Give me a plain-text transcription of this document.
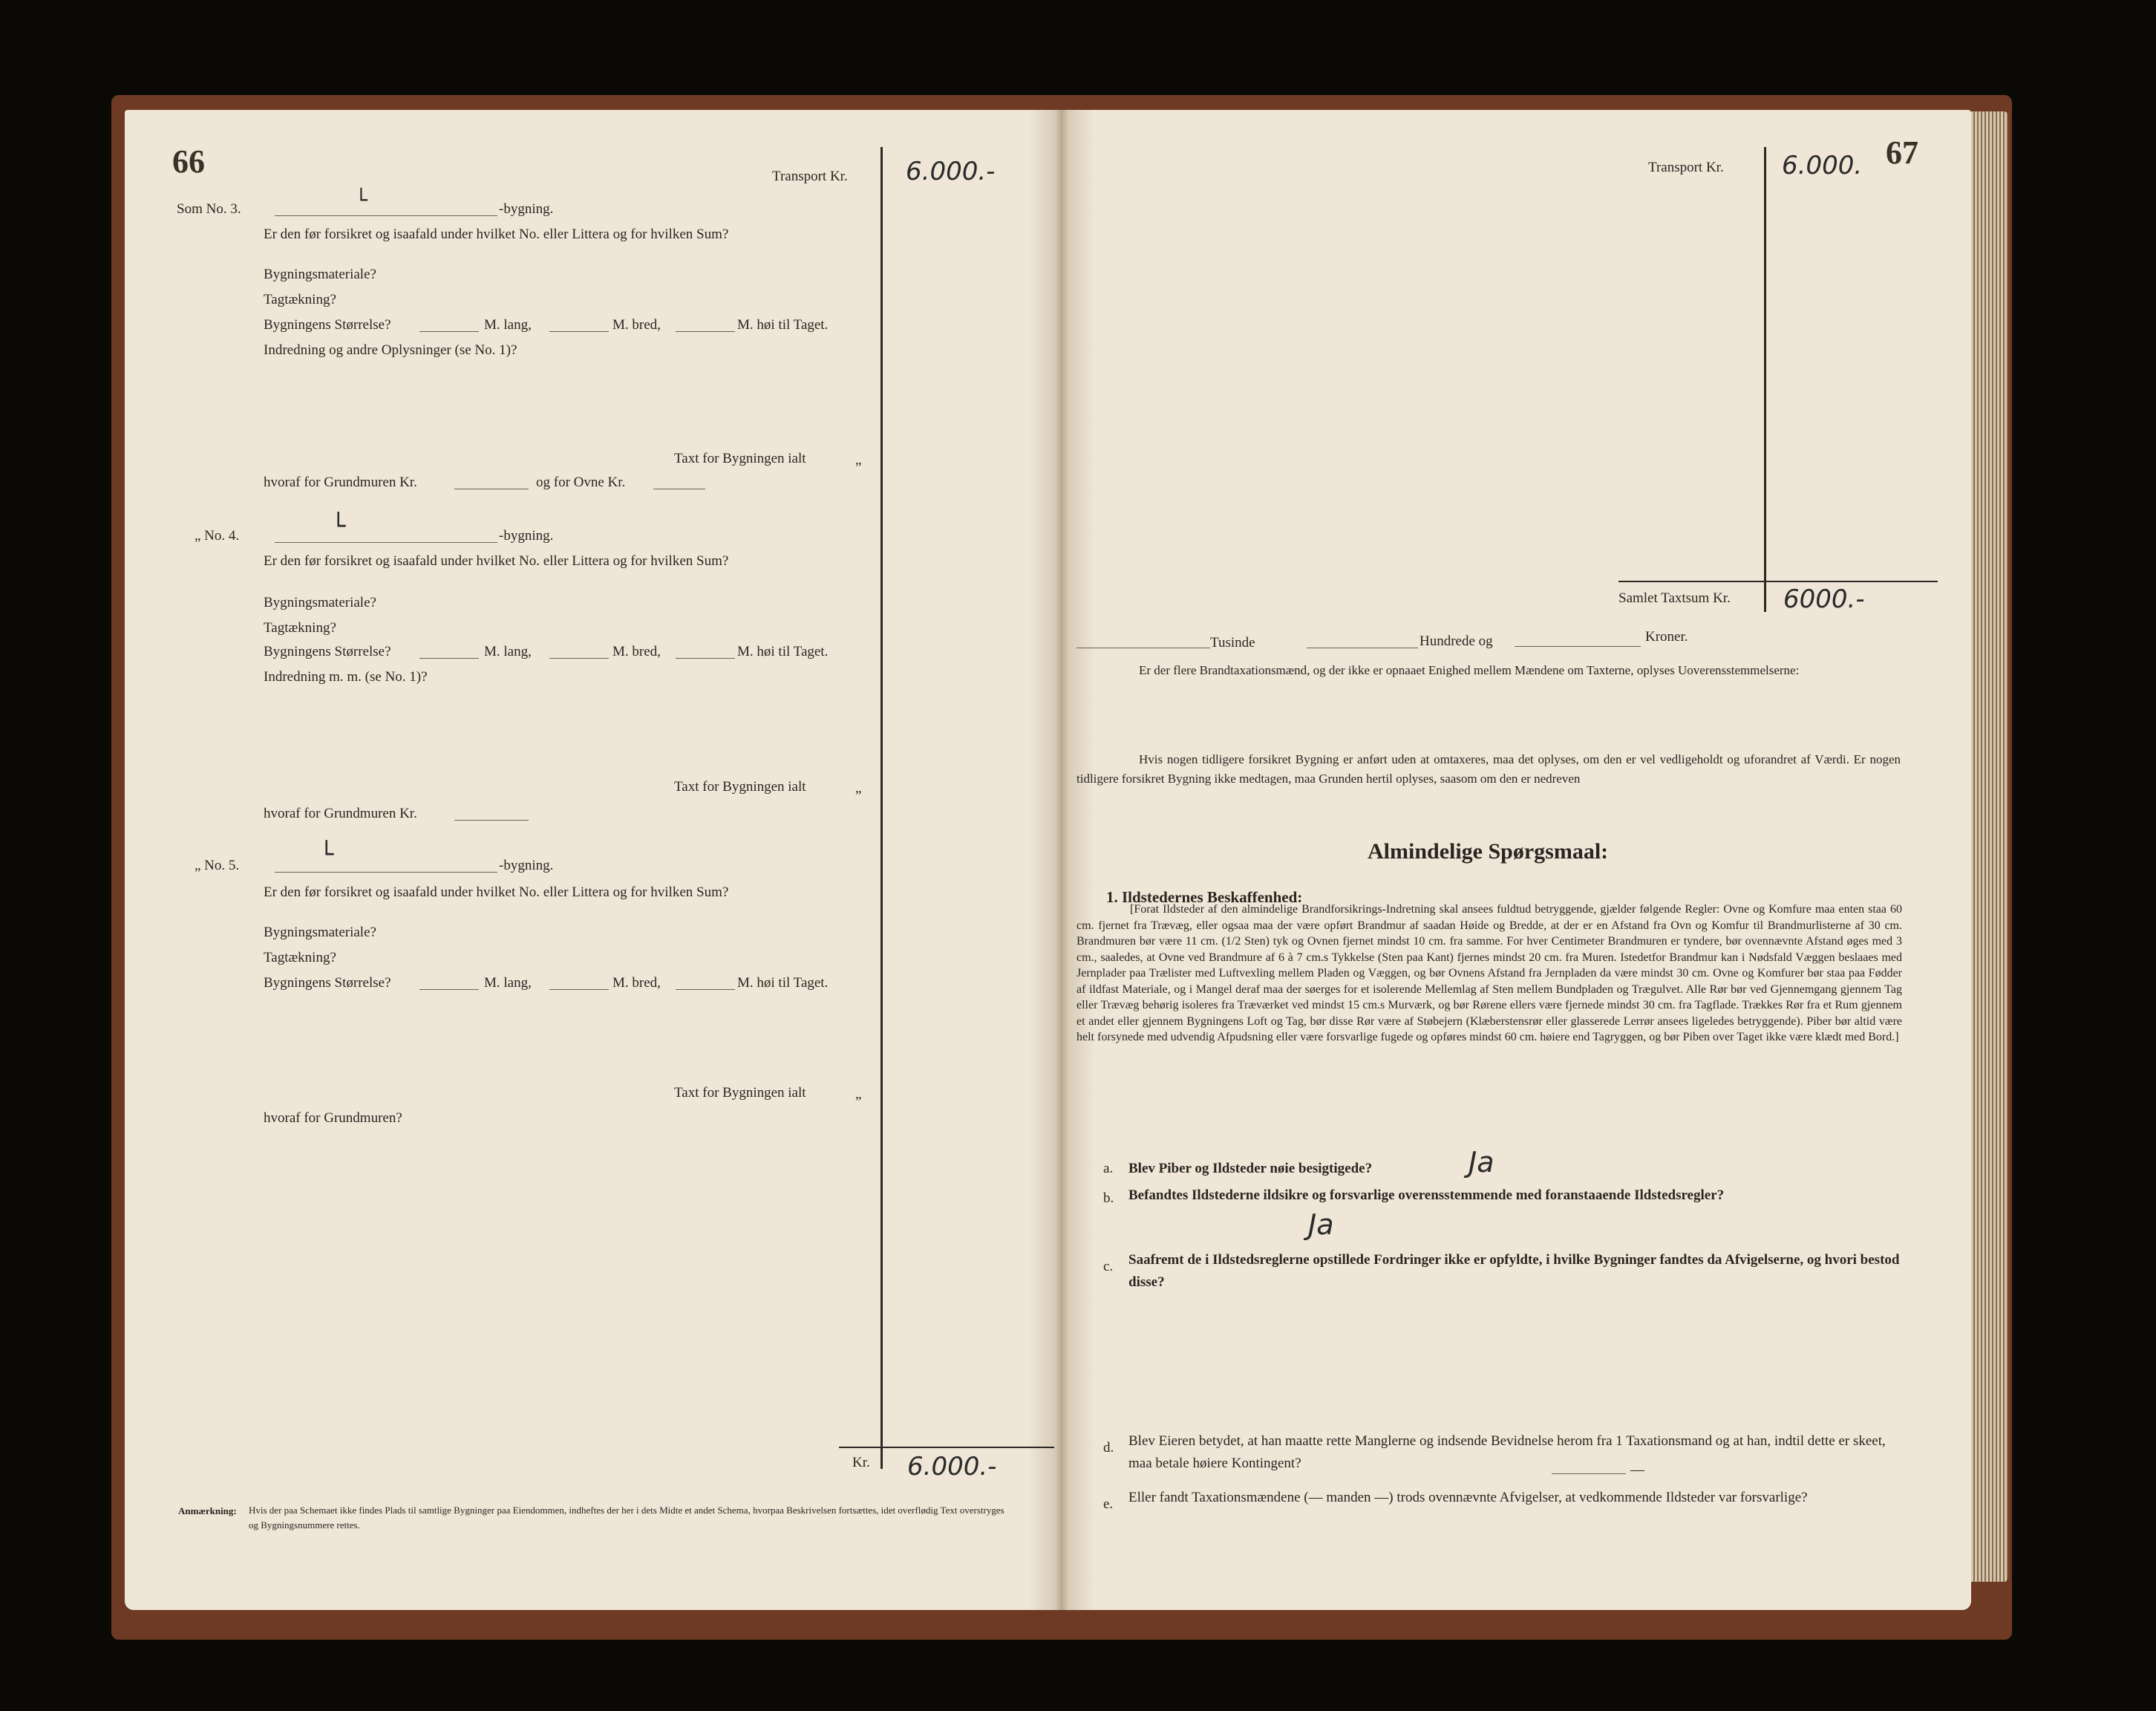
66	Transport Kr. 6.000.-
Som No. 3.	└	-bygning.
Er den før forsikret og isaafald under hvilket No. eller Littera og for hvilken Sum?
Bygningsmateriale?
Tagtækning?
Bygningens Størrelse?	M. lang,	M. bred,	M. høi til Taget.
Indredning og andre Oplysninger (se No. 1)?
Taxt for Bygningen ialt	„
hvoraf for Grundmuren Kr.	og for Ovne Kr.
„ No. 4.	└	-bygning.
Er den før forsikret og isaafald under hvilket No. eller Littera og for hvilken Sum?
Bygningsmateriale?
Tagtækning?
Bygningens Størrelse?	M. lang,	M. bred,	M. høi til Taget.
Indredning m. m. (se No. 1)?
Taxt for Bygningen ialt	„
hvoraf for Grundmuren Kr.
„ No. 5.	└	-bygning.
Er den før forsikret og isaafald under hvilket No. eller Littera og for hvilken Sum?
Bygningsmateriale?
Tagtækning?
Bygningens Størrelse?	M. lang,	M. bred,	M. høi til Taget.
Taxt for Bygningen ialt	„
hvoraf for Grundmuren?
Kr. 6.000.-
Anmærkning: Hvis der paa Schemaet ikke findes Plads til samtlige Bygninger paa Eiendommen, indheftes der her i dets Midte et andet Schema, hvorpaa Beskrivelsen fortsættes, idet overflødig Text overstryges og Bygningsnummere rettes.
67
Transport Kr. 6.000.
Samlet Taxtsum Kr. 6000.-
Tusinde	Hundrede og	Kroner.
Er der flere Brandtaxationsmænd, og der ikke er opnaaet Enighed mellem Mændene om Taxterne, oplyses Uoverensstemmelserne:
Hvis nogen tidligere forsikret Bygning er anført uden at omtaxeres, maa det oplyses, om den er vel vedligeholdt og uforandret af Værdi. Er nogen tidligere forsikret Bygning ikke medtagen, maa Grunden hertil oplyses, saasom om den er nedreven
Almindelige Spørgsmaal:
1. Ildstedernes Beskaffenhed:
[Forat Ildsteder af den almindelige Brandforsikrings-Indretning skal ansees fuldtud betryggende, gjælder følgende Regler: Ovne og Komfure maa enten staa 60 cm. fjernet fra Trævæg, eller ogsaa maa der være opført Brandmur af saadan Høide og Bredde, at der er en Afstand fra Ovn og Komfur til Brandmurlisterne af 30 cm. Brandmuren bør være 11 cm. (1/2 Sten) tyk og Ovnen fjernet mindst 10 cm. fra samme. For hver Centimeter Brandmuren er tyndere, bør ovennævnte Afstand øges med 3 cm., saaledes, at Ovne ved Brandmure af 6 à 7 cm.s Tykkelse (Sten paa Kant) fjernes mindst 20 cm. fra Muren. Istedetfor Brandmur kan i Nødsfald Væggen beslaaes med Jernplader paa Trælister med Luftvexling mellem Pladen og Væggen, og bør Ovnens Afstand fra Jernpladen da være mindst 30 cm. Ovne og Komfurer bør staa paa Fødder af ildfast Materiale, og i Mangel deraf maa der søerges for et isolerende Mellemlag af Sten mellem Bundpladen og Trægulvet. Alle Rør bør ved Gjennemgang gjennem Tag eller Trævæg behørig isoleres fra Træværket ved mindst 15 cm.s Murværk, og bør Rørene ellers være fjernede mindst 30 cm. fra Tagflade. Trækkes Rør fra et Rum gjennem et andet eller gjennem Bygningens Loft og Tag, bør disse Rør være af Støbejern (Klæberstensrør eller glasserede Lerrør ansees ligeledes betryggende). Piber bør altid være helt forsynede med udvendig Afpudsning eller være forsvarlige fugede og opføres mindst 60 cm. høiere end Tagryggen, og bør Piben over Taget ikke være klædt med Bord.]
a. Blev Piber og Ildsteder nøie besigtigede?	Ja
b. Befandtes Ildstederne ildsikre og forsvarlige overensstemmende med foranstaaende Ildstedsregler?
Ja
c. Saafremt de i Ildstedsreglerne opstillede Fordringer ikke er opfyldte, i hvilke Bygninger fandtes da Afvigelserne, og hvori bestod disse?
d. Blev Eieren betydet, at han maatte rette Manglerne og indsende Bevidnelse herom fra 1 Taxationsmand og at han, indtil dette er skeet, maa betale høiere Kontingent?	—
e. Eller fandt Taxationsmændene (— manden —) trods ovennævnte Afvigelser, at vedkommende Ildsteder var forsvarlige?
